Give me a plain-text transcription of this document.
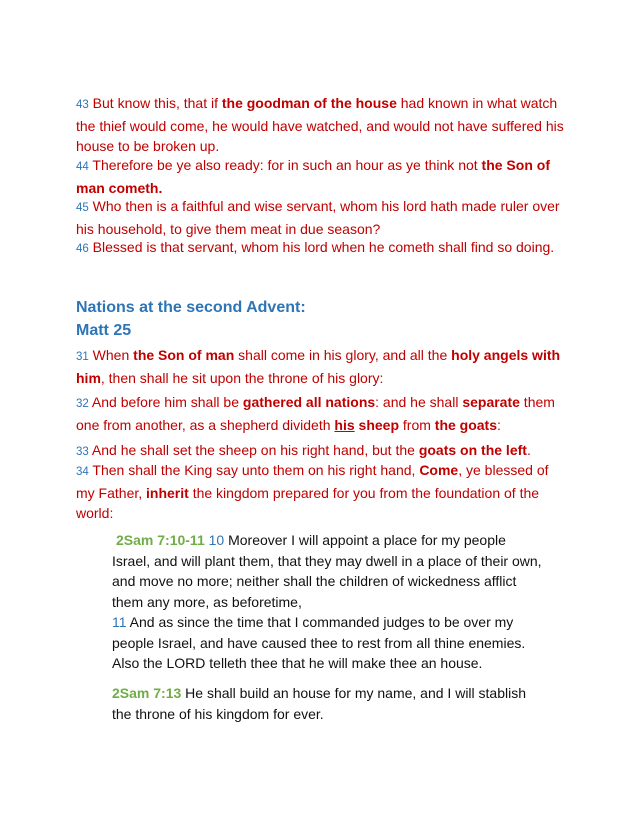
43 But know this, that if the goodman of the house had known in what watch the thief would come, he would have watched, and would not have suffered his house to be broken up.

44 Therefore be ye also ready: for in such an hour as ye think not the Son of man cometh.

45 Who then is a faithful and wise servant, whom his lord hath made ruler over his household, to give them meat in due season?

46 Blessed is that servant, whom his lord when he cometh shall find so doing.

Nations at the second Advent:

Matt 25

31 When the Son of man shall come in his glory, and all the holy angels with him, then shall he sit upon the throne of his glory:

32 And before him shall be gathered all nations: and he shall separate them one from another, as a shepherd divideth his sheep from the goats:

33 And he shall set the sheep on his right hand, but the goats on the left.

34 Then shall the King say unto them on his right hand, Come, ye blessed of my Father, inherit the kingdom prepared for you from the foundation of the world:

2Sam 7:10-11 10 Moreover I will appoint a place for my people Israel, and will plant them, that they may dwell in a place of their own, and move no more; neither shall the children of wickedness afflict them any more, as beforetime,

11 And as since the time that I commanded judges to be over my people Israel, and have caused thee to rest from all thine enemies. Also the LORD telleth thee that he will make thee an house.

2Sam 7:13 He shall build an house for my name, and I will stablish the throne of his kingdom for ever.
